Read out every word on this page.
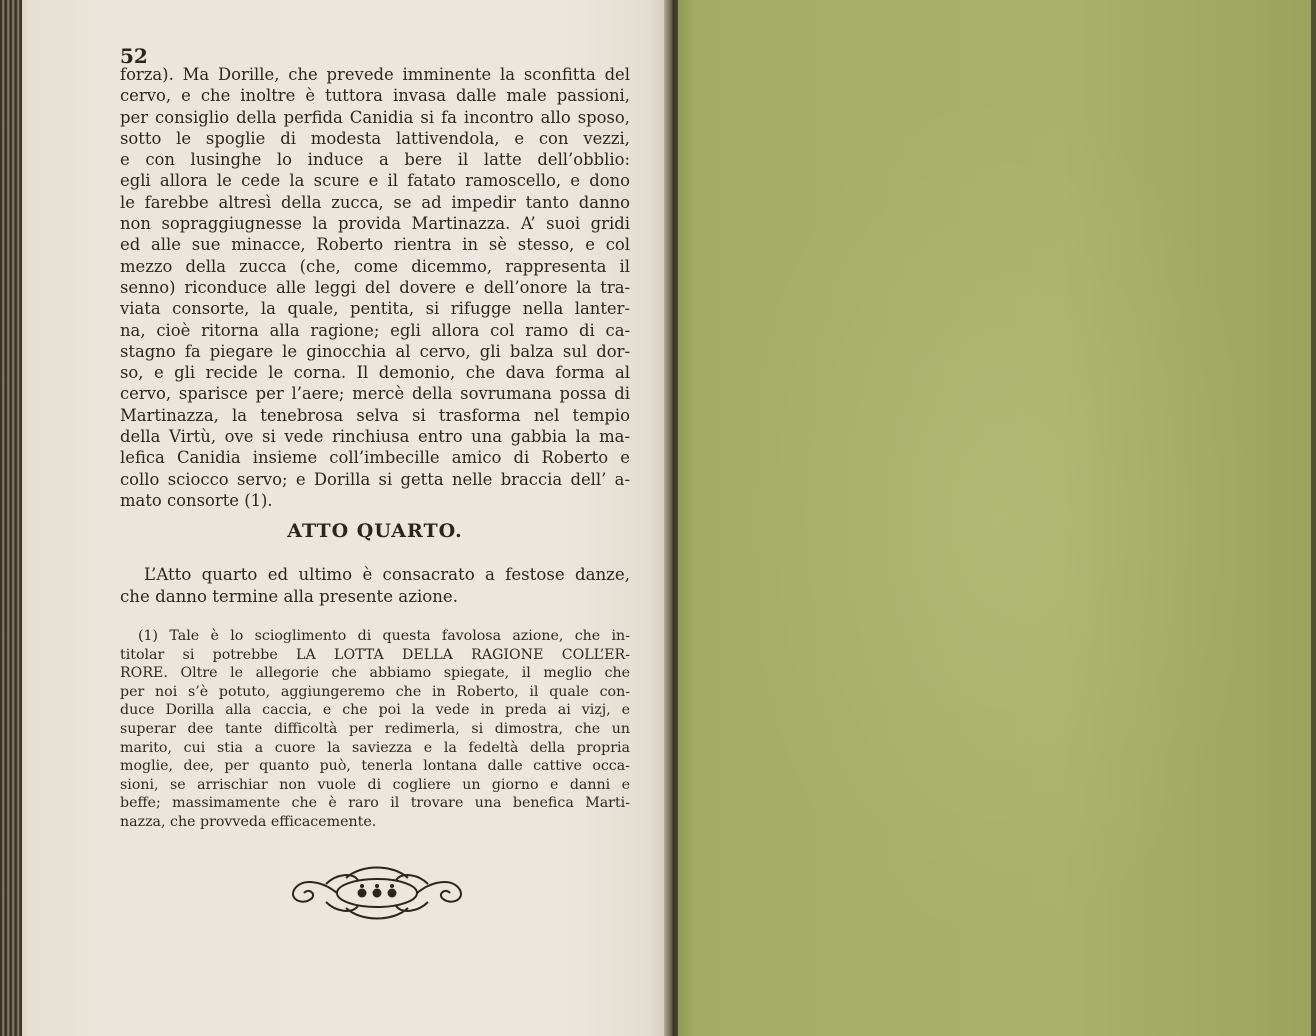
52

forza). Ma Dorille, che prevede imminente la sconfitta del
cervo, e che inoltre è tuttora invasa dalle male passioni,
per consiglio della perfida Canidia si fa incontro allo sposo,
sotto le spoglie di modesta lattivendola, e con vezzi,
e con lusinghe lo induce a bere il latte dell’obblio:
egli allora le cede la scure e il fatato ramoscello, e dono
le farebbe altresì della zucca, se ad impedir tanto danno
non sopraggiugnesse la provida Martinazza. A’ suoi gridi
ed alle sue minacce, Roberto rientra in sè stesso, e col
mezzo della zucca (che, come dicemmo, rappresenta il
senno) riconduce alle leggi del dovere e dell’onore la tra-
viata consorte, la quale, pentita, si rifugge nella lanter-
na, cioè ritorna alla ragione; egli allora col ramo di ca-
stagno fa piegare le ginocchia al cervo, gli balza sul dor-
so, e gli recide le corna. Il demonio, che dava forma al
cervo, sparisce per l’aere; mercè della sovrumana possa di
Martinazza, la tenebrosa selva si trasforma nel tempio
della Virtù, ove si vede rinchiusa entro una gabbia la ma-
lefica Canidia insieme coll’imbecille amico di Roberto e
collo sciocco servo; e Dorilla si getta nelle braccia dell’ a-
mato consorte (1).

ATTO QUARTO.

L’Atto quarto ed ultimo è consacrato a festose danze,
che danno termine alla presente azione.

(1) Tale è lo scioglimento di questa favolosa azione, che in-
titolar si potrebbe LA LOTTA DELLA RAGIONE COLL’ER-
RORE. Oltre le allegorie che abbiamo spiegate, il meglio che
per noi s’è potuto, aggiungeremo che in Roberto, il quale con-
duce Dorilla alla caccia, e che poi la vede in preda ai vizj, e
superar dee tante difficoltà per redimerla, si dimostra, che un
marito, cui stia a cuore la saviezza e la fedeltà della propria
moglie, dee, per quanto può, tenerla lontana dalle cattive occa-
sioni, se arrischiar non vuole di cogliere un giorno e danni e
beffe; massimamente che è raro il trovare una benefica Marti-
nazza, che provveda efficacemente.
